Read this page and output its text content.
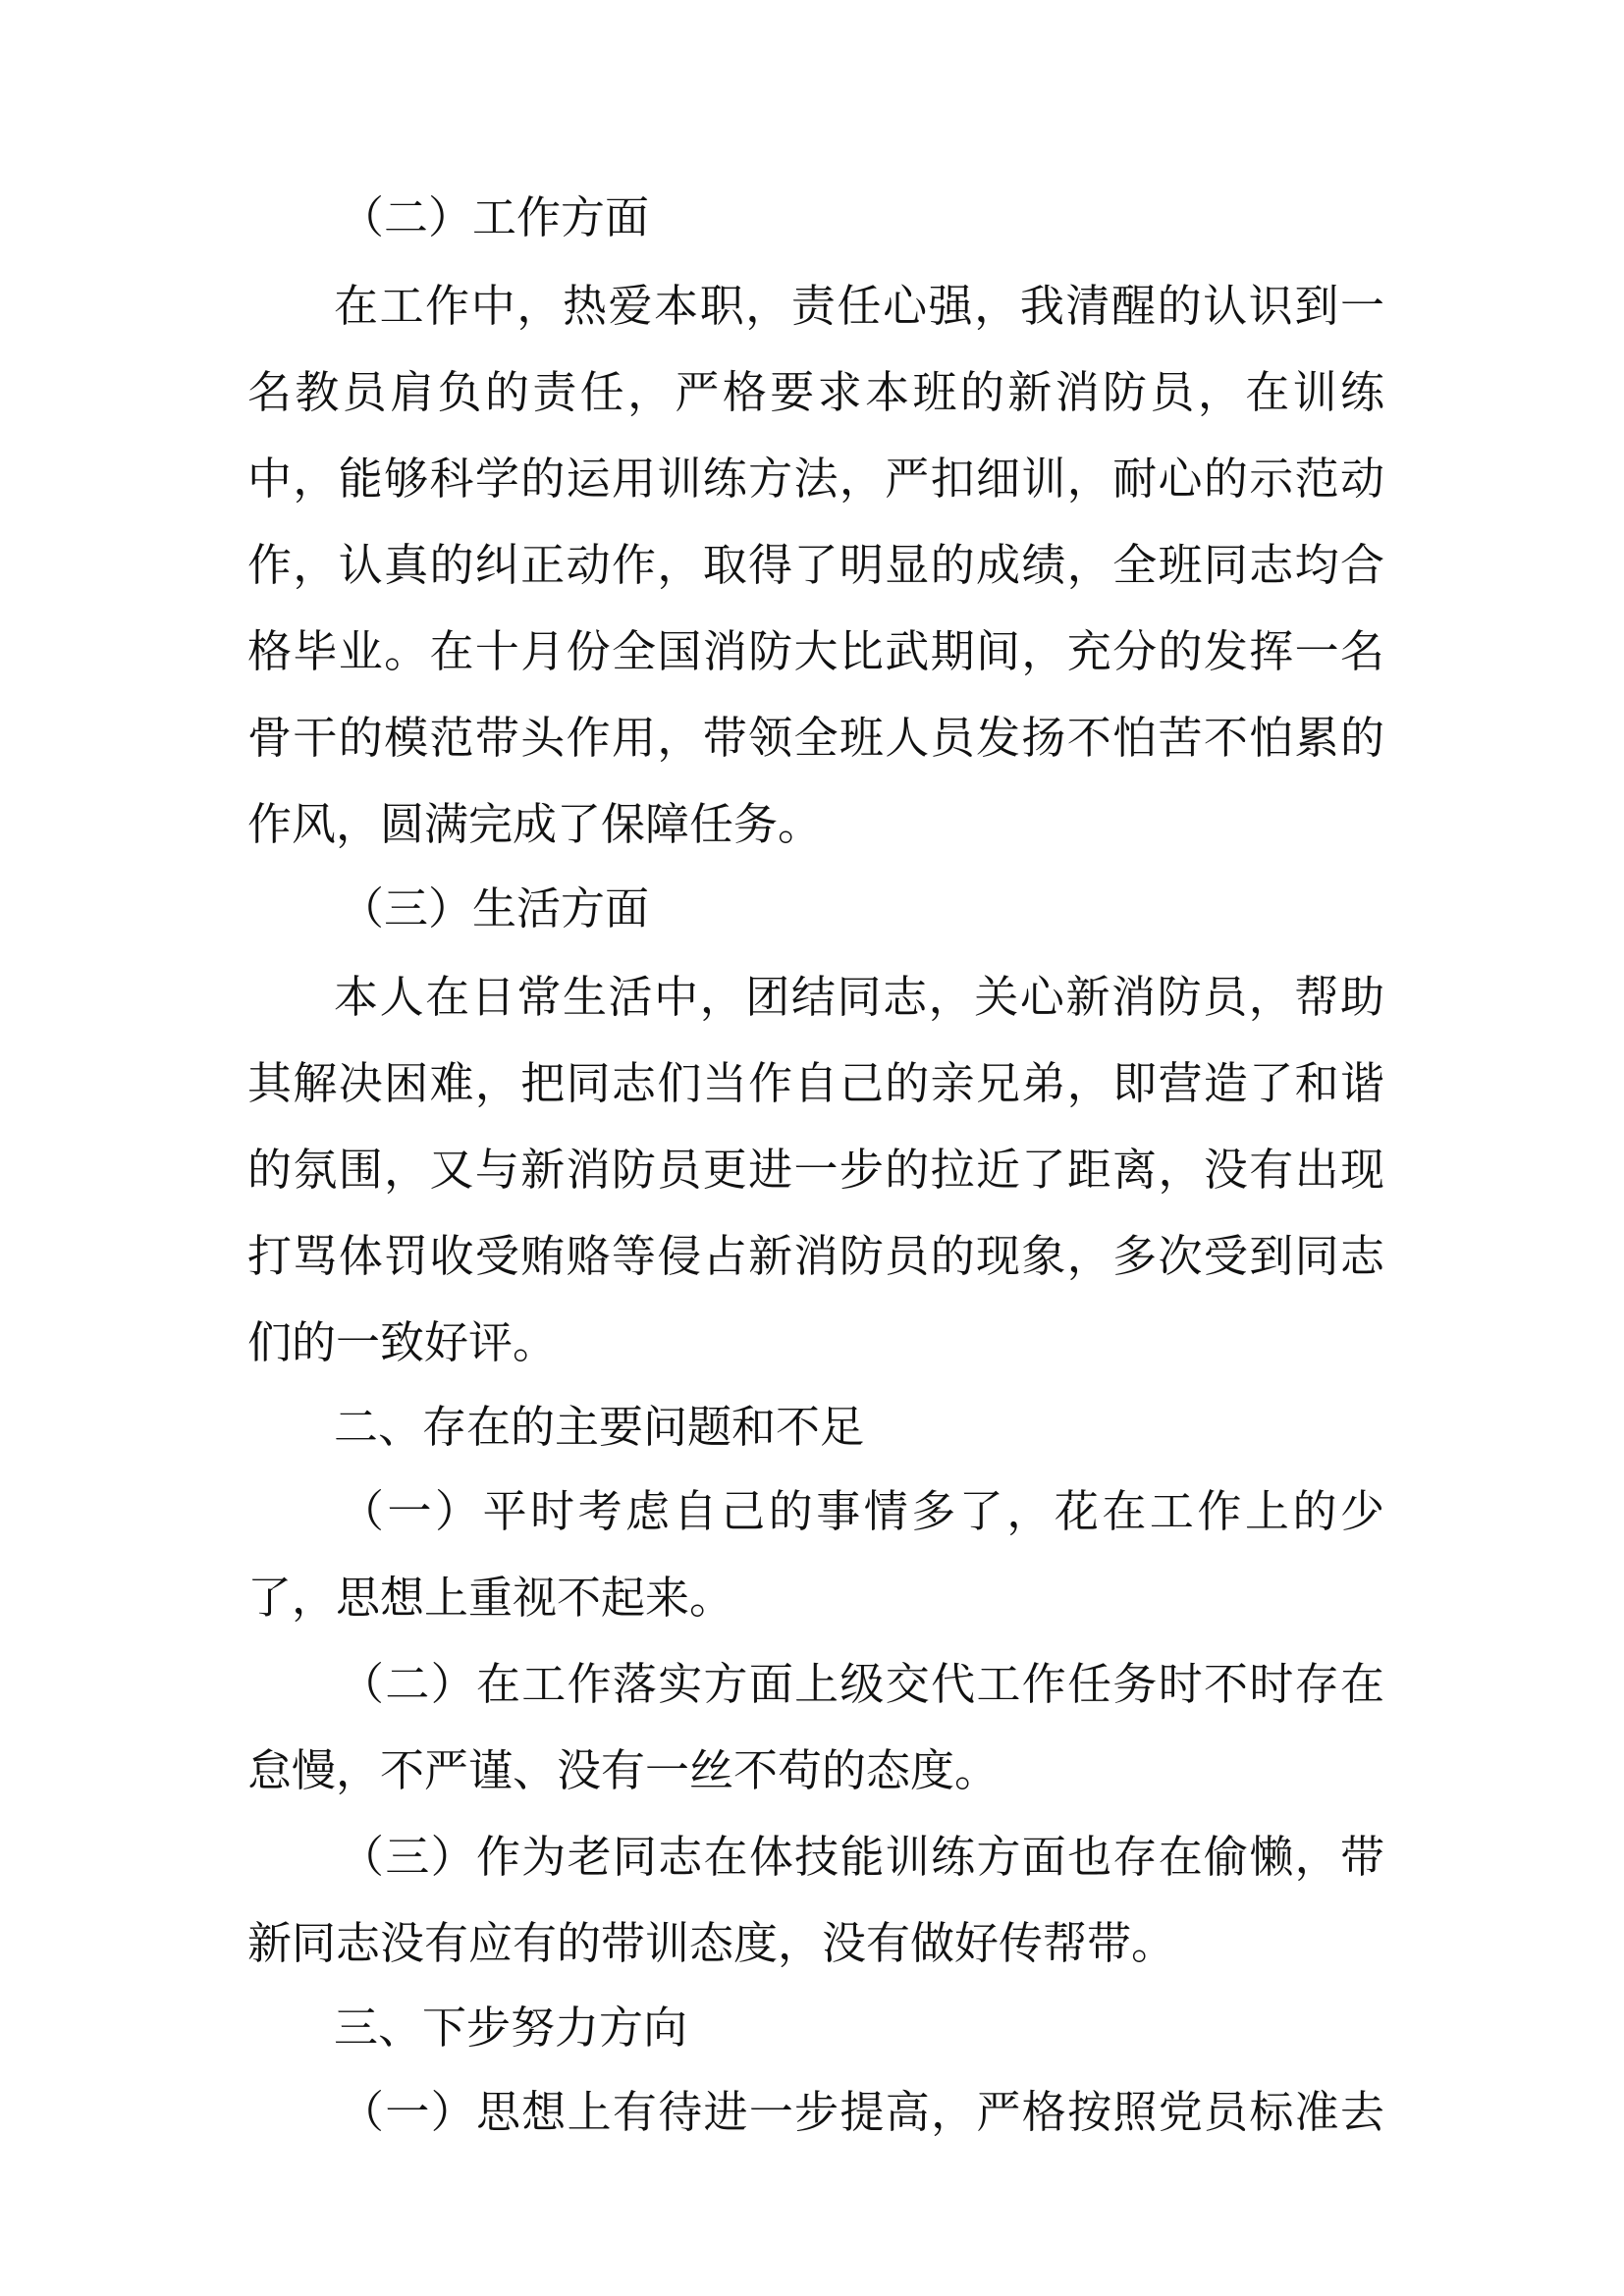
（二）工作方面

在工作中，热爱本职，责任心强，我清醒的认识到一

名教员肩负的责任，严格要求本班的新消防员，在训练

中，能够科学的运用训练方法，严扣细训，耐心的示范动

作，认真的纠正动作，取得了明显的成绩，全班同志均合

格毕业。在十月份全国消防大比武期间，充分的发挥一名

骨干的模范带头作用，带领全班人员发扬不怕苦不怕累的

作风，圆满完成了保障任务。

（三）生活方面

本人在日常生活中，团结同志，关心新消防员，帮助

其解决困难，把同志们当作自己的亲兄弟，即营造了和谐

的氛围，又与新消防员更进一步的拉近了距离，没有出现

打骂体罚收受贿赂等侵占新消防员的现象，多次受到同志

们的一致好评。

二、存在的主要问题和不足

（一）平时考虑自己的事情多了，花在工作上的少

了，思想上重视不起来。

（二）在工作落实方面上级交代工作任务时不时存在

怠慢，不严谨、没有一丝不苟的态度。

（三）作为老同志在体技能训练方面也存在偷懒，带

新同志没有应有的带训态度，没有做好传帮带。

三、下步努力方向

（一）思想上有待进一步提高，严格按照党员标准去
